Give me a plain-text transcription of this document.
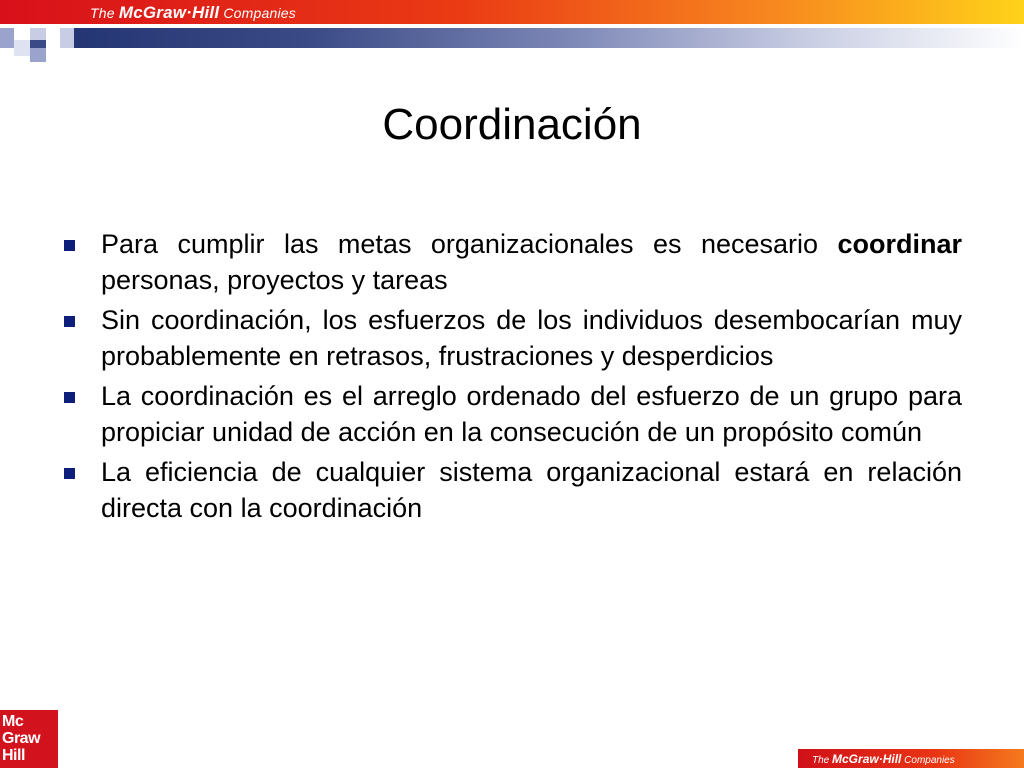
The McGraw·Hill Companies
Coordinación
Para cumplir las metas organizacionales es necesario coordinar personas, proyectos y tareas
Sin coordinación, los esfuerzos de los individuos desembocarían muy probablemente en retrasos, frustraciones y desperdicios
La coordinación es el arreglo ordenado del esfuerzo de un grupo para propiciar unidad de acción en la consecución de un propósito común
La eficiencia de cualquier sistema organizacional estará en relación directa con la coordinación
Mc
Graw
Hill	The McGraw·Hill Companies
